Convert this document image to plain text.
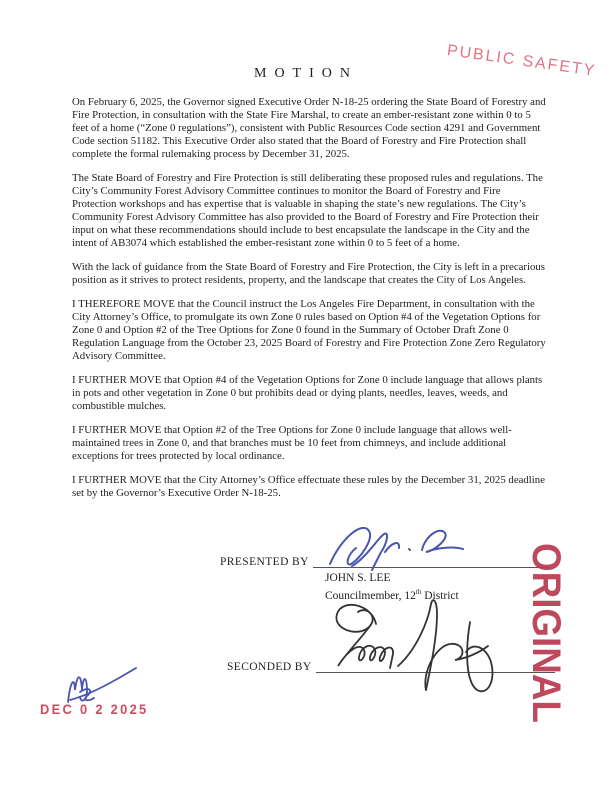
PUBLIC SAFETY
MOTION

On February 6, 2025, the Governor signed Executive Order N-18-25 ordering the State Board of Forestry and Fire Protection, in consultation with the State Fire Marshal, to create an ember-resistant zone within 0 to 5 feet of a home (“Zone 0 regulations”), consistent with Public Resources Code section 4291 and Government Code section 51182. This Executive Order also stated that the Board of Forestry and Fire Protection shall complete the formal rulemaking process by December 31, 2025.

The State Board of Forestry and Fire Protection is still deliberating these proposed rules and regulations. The City’s Community Forest Advisory Committee continues to monitor the Board of Forestry and Fire Protection workshops and has expertise that is valuable in shaping the state’s new regulations. The City’s Community Forest Advisory Committee has also provided to the Board of Forestry and Fire Protection their input on what these recommendations should include to best encapsulate the landscape in the City and the intent of AB3074 which established the ember-resistant zone within 0 to 5 feet of a home.

With the lack of guidance from the State Board of Forestry and Fire Protection, the City is left in a precarious position as it strives to protect residents, property, and the landscape that creates the City of Los Angeles.

I THEREFORE MOVE that the Council instruct the Los Angeles Fire Department, in consultation with the City Attorney’s Office, to promulgate its own Zone 0 rules based on Option #4 of the Vegetation Options for Zone 0 and Option #2 of the Tree Options for Zone 0 found in the Summary of October Draft Zone 0 Regulation Language from the October 23, 2025 Board of Forestry and Fire Protection Zone Zero Regulatory Advisory Committee.

I FURTHER MOVE that Option #4 of the Vegetation Options for Zone 0 include language that allows plants in pots and other vegetation in Zone 0 but prohibits dead or dying plants, needles, leaves, weeds, and combustible mulches.

I FURTHER MOVE that Option #2 of the Tree Options for Zone 0 include language that allows well-maintained trees in Zone 0, and that branches must be 10 feet from chimneys, and include additional exceptions for trees protected by local ordinance.

I FURTHER MOVE that the City Attorney’s Office effectuate these rules by the December 31, 2025 deadline set by the Governor’s Executive Order N-18-25.

PRESENTED BY
JOHN S. LEE
Councilmember, 12th District
SECONDED BY	ORIGINAL
DEC 0 2 2025
